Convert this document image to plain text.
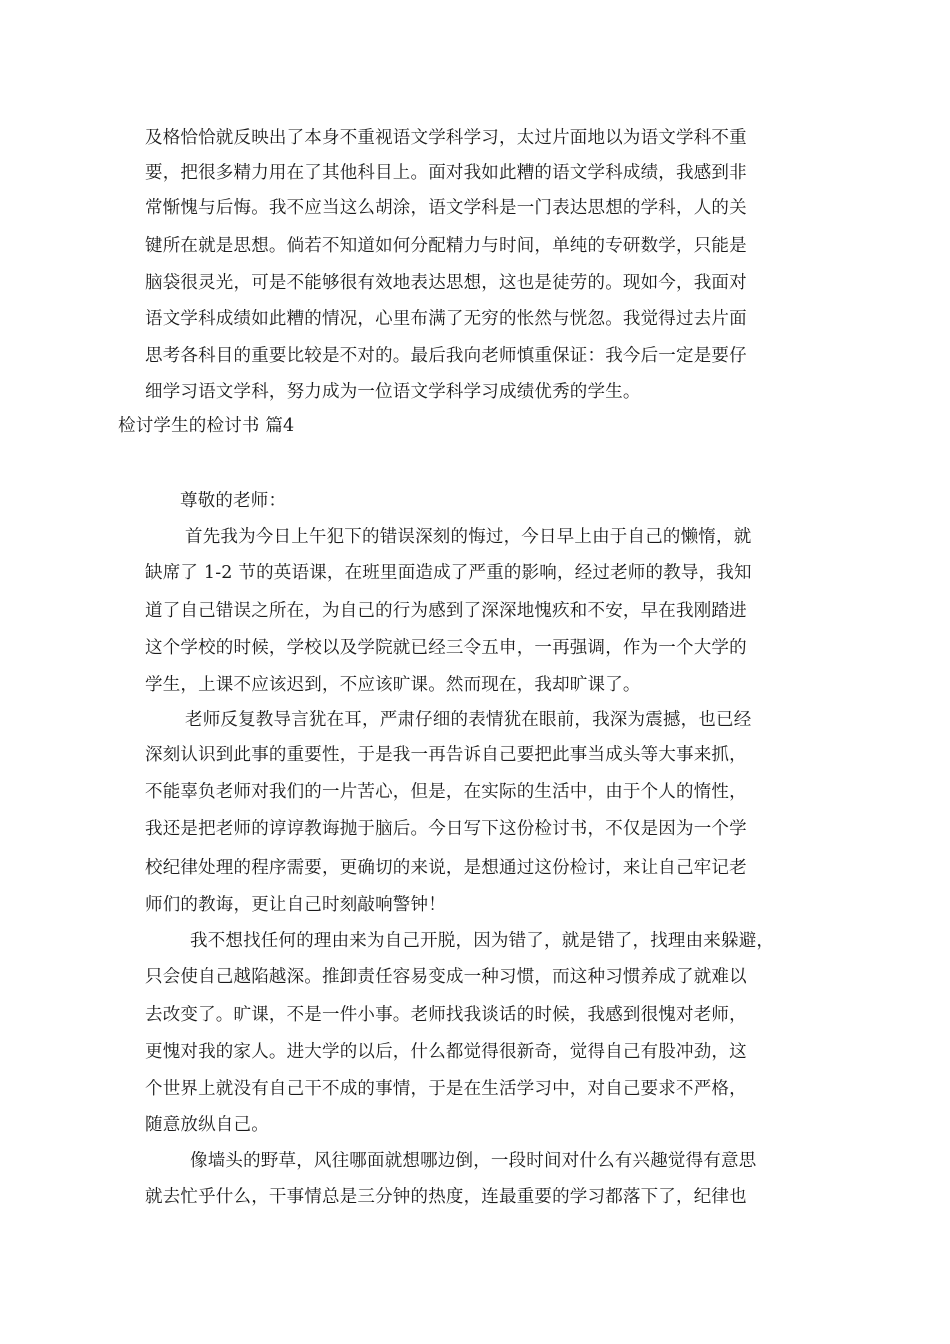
及格恰恰就反映出了本身不重视语文学科学习，太过片面地以为语文学科不重
要，把很多精力用在了其他科目上。面对我如此糟的语文学科成绩，我感到非
常惭愧与后悔。我不应当这么胡涂，语文学科是一门表达思想的学科，人的关
键所在就是思想。倘若不知道如何分配精力与时间，单纯的专研数学，只能是
脑袋很灵光，可是不能够很有效地表达思想，这也是徒劳的。现如今，我面对
语文学科成绩如此糟的情况，心里布满了无穷的怅然与恍忽。我觉得过去片面
思考各科目的重要比较是不对的。最后我向老师慎重保证：我今后一定是要仔
细学习语文学科，努力成为一位语文学科学习成绩优秀的学生。
检讨学生的检讨书 篇4
尊敬的老师：
首先我为今日上午犯下的错误深刻的悔过，今日早上由于自己的懒惰，就
缺席了 1-2 节的英语课，在班里面造成了严重的影响，经过老师的教导，我知
道了自己错误之所在，为自己的行为感到了深深地愧疚和不安，早在我刚踏进
这个学校的时候，学校以及学院就已经三令五申，一再强调，作为一个大学的
学生，上课不应该迟到，不应该旷课。然而现在，我却旷课了。
老师反复教导言犹在耳，严肃仔细的表情犹在眼前，我深为震撼，也已经
深刻认识到此事的重要性，于是我一再告诉自己要把此事当成头等大事来抓，
不能辜负老师对我们的一片苦心，但是，在实际的生活中，由于个人的惰性，
我还是把老师的谆谆教诲抛于脑后。今日写下这份检讨书，不仅是因为一个学
校纪律处理的程序需要，更确切的来说，是想通过这份检讨，来让自己牢记老
师们的教诲，更让自己时刻敲响警钟！
我不想找任何的理由来为自己开脱，因为错了，就是错了，找理由来躲避，
只会使自己越陷越深。推卸责任容易变成一种习惯，而这种习惯养成了就难以
去改变了。旷课，不是一件小事。老师找我谈话的时候，我感到很愧对老师，
更愧对我的家人。进大学的以后，什么都觉得很新奇，觉得自己有股冲劲，这
个世界上就没有自己干不成的事情，于是在生活学习中，对自己要求不严格，
随意放纵自己。
像墙头的野草，风往哪面就想哪边倒，一段时间对什么有兴趣觉得有意思
就去忙乎什么，干事情总是三分钟的热度，连最重要的学习都落下了，纪律也
